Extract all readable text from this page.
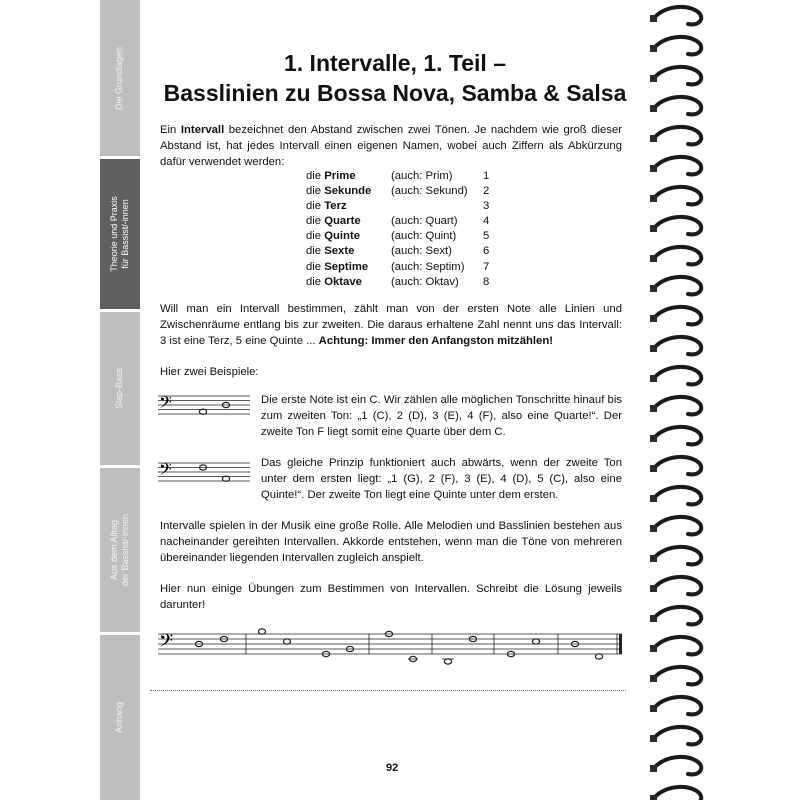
Die Grundlagen
Theorie und Praxis
für Bassist/-innen
Slap-Bass
Aus dem Alltag
der Bassist/-innen
Anhang
1. Intervalle, 1. Teil –
Basslinien zu Bossa Nova, Samba & Salsa

Ein Intervall bezeichnet den Abstand zwischen zwei Tönen. Je nachdem wie groß dieser Abstand ist, hat jedes Intervall einen eigenen Namen, wobei auch Ziffern als Abkürzung dafür verwendet werden:

die Prime	(auch: Prim)	1
die Sekunde	(auch: Sekund)	2
die Terz		3
die Quarte	(auch: Quart)	4
die Quinte	(auch: Quint)	5
die Sexte	(auch: Sext)	6
die Septime	(auch: Septim)	7
die Oktave	(auch: Oktav)	8

Will man ein Intervall bestimmen, zählt man von der ersten Note alle Linien und Zwischenräume entlang bis zur zweiten. Die daraus erhaltene Zahl nennt uns das Intervall: 3 ist eine Terz, 5 eine Quinte ... Achtung: Immer den Anfangston mitzählen!

Hier zwei Beispiele:

𝄢	Die erste Note ist ein C. Wir zählen alle möglichen Tonschritte hinauf bis zum zweiten Ton: „1 (C), 2 (D), 3 (E), 4 (F), also eine Quarte!“. Der zweite Ton F liegt somit eine Quarte über dem C.

𝄢	Das gleiche Prinzip funktioniert auch abwärts, wenn der zweite Ton unter dem ersten liegt: „1 (G), 2 (F), 3 (E), 4 (D), 5 (C), also eine Quinte!“. Der zweite Ton liegt eine Quinte unter dem ersten.

Intervalle spielen in der Musik eine große Rolle. Alle Melodien und Basslinien bestehen aus nacheinander gereihten Intervallen. Akkorde entstehen, wenn man die Töne von mehreren übereinander liegenden Intervallen zugleich anspielt.

Hier nun einige Übungen zum Bestimmen von Intervallen. Schreibt die Lösung jeweils darunter!

𝄢
92
